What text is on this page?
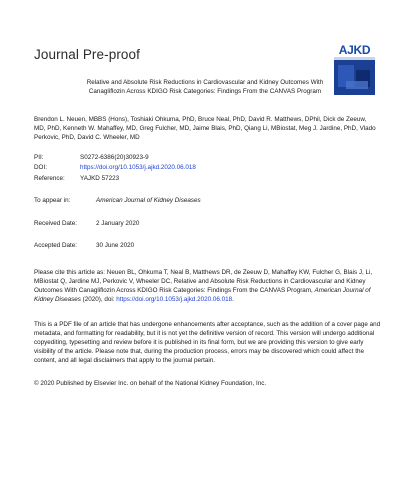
Journal Pre-proof	AJKD
Relative and Absolute Risk Reductions in Cardiovascular and Kidney Outcomes With Canagliflozin Across KDIGO Risk Categories: Findings From the CANVAS Program
Brendon L. Neuen, MBBS (Hons), Toshiaki Ohkuma, PhD, Bruce Neal, PhD, David R. Matthews, DPhil, Dick de Zeeuw, MD, PhD, Kenneth W. Mahaffey, MD, Greg Fulcher, MD, Jaime Blais, PhD, Qiang Li, MBiostat, Meg J. Jardine, PhD, Vlado Perkovic, PhD, David C. Wheeler, MD
PII:	S0272-6386(20)30923-9
DOI:	https://doi.org/10.1053/j.ajkd.2020.06.018
Reference: YAJKD 57223
To appear in:	American Journal of Kidney Diseases
Received Date:	2 January 2020
Accepted Date:	30 June 2020
Please cite this article as: Neuen BL, Ohkuma T, Neal B, Matthews DR, de Zeeuw D, Mahaffey KW, Fulcher G, Blais J, Li, MBiostat Q, Jardine MJ, Perkovic V, Wheeler DC, Relative and Absolute Risk Reductions in Cardiovascular and Kidney Outcomes With Canagliflozin Across KDIGO Risk Categories: Findings From the CANVAS Program, American Journal of Kidney Diseases (2020), doi: https://doi.org/10.1053/j.ajkd.2020.06.018.
This is a PDF file of an article that has undergone enhancements after acceptance, such as the addition of a cover page and metadata, and formatting for readability, but it is not yet the definitive version of record. This version will undergo additional copyediting, typesetting and review before it is published in its final form, but we are providing this version to give early visibility of the article. Please note that, during the production process, errors may be discovered which could affect the content, and all legal disclaimers that apply to the journal pertain.
© 2020 Published by Elsevier Inc. on behalf of the National Kidney Foundation, Inc.
